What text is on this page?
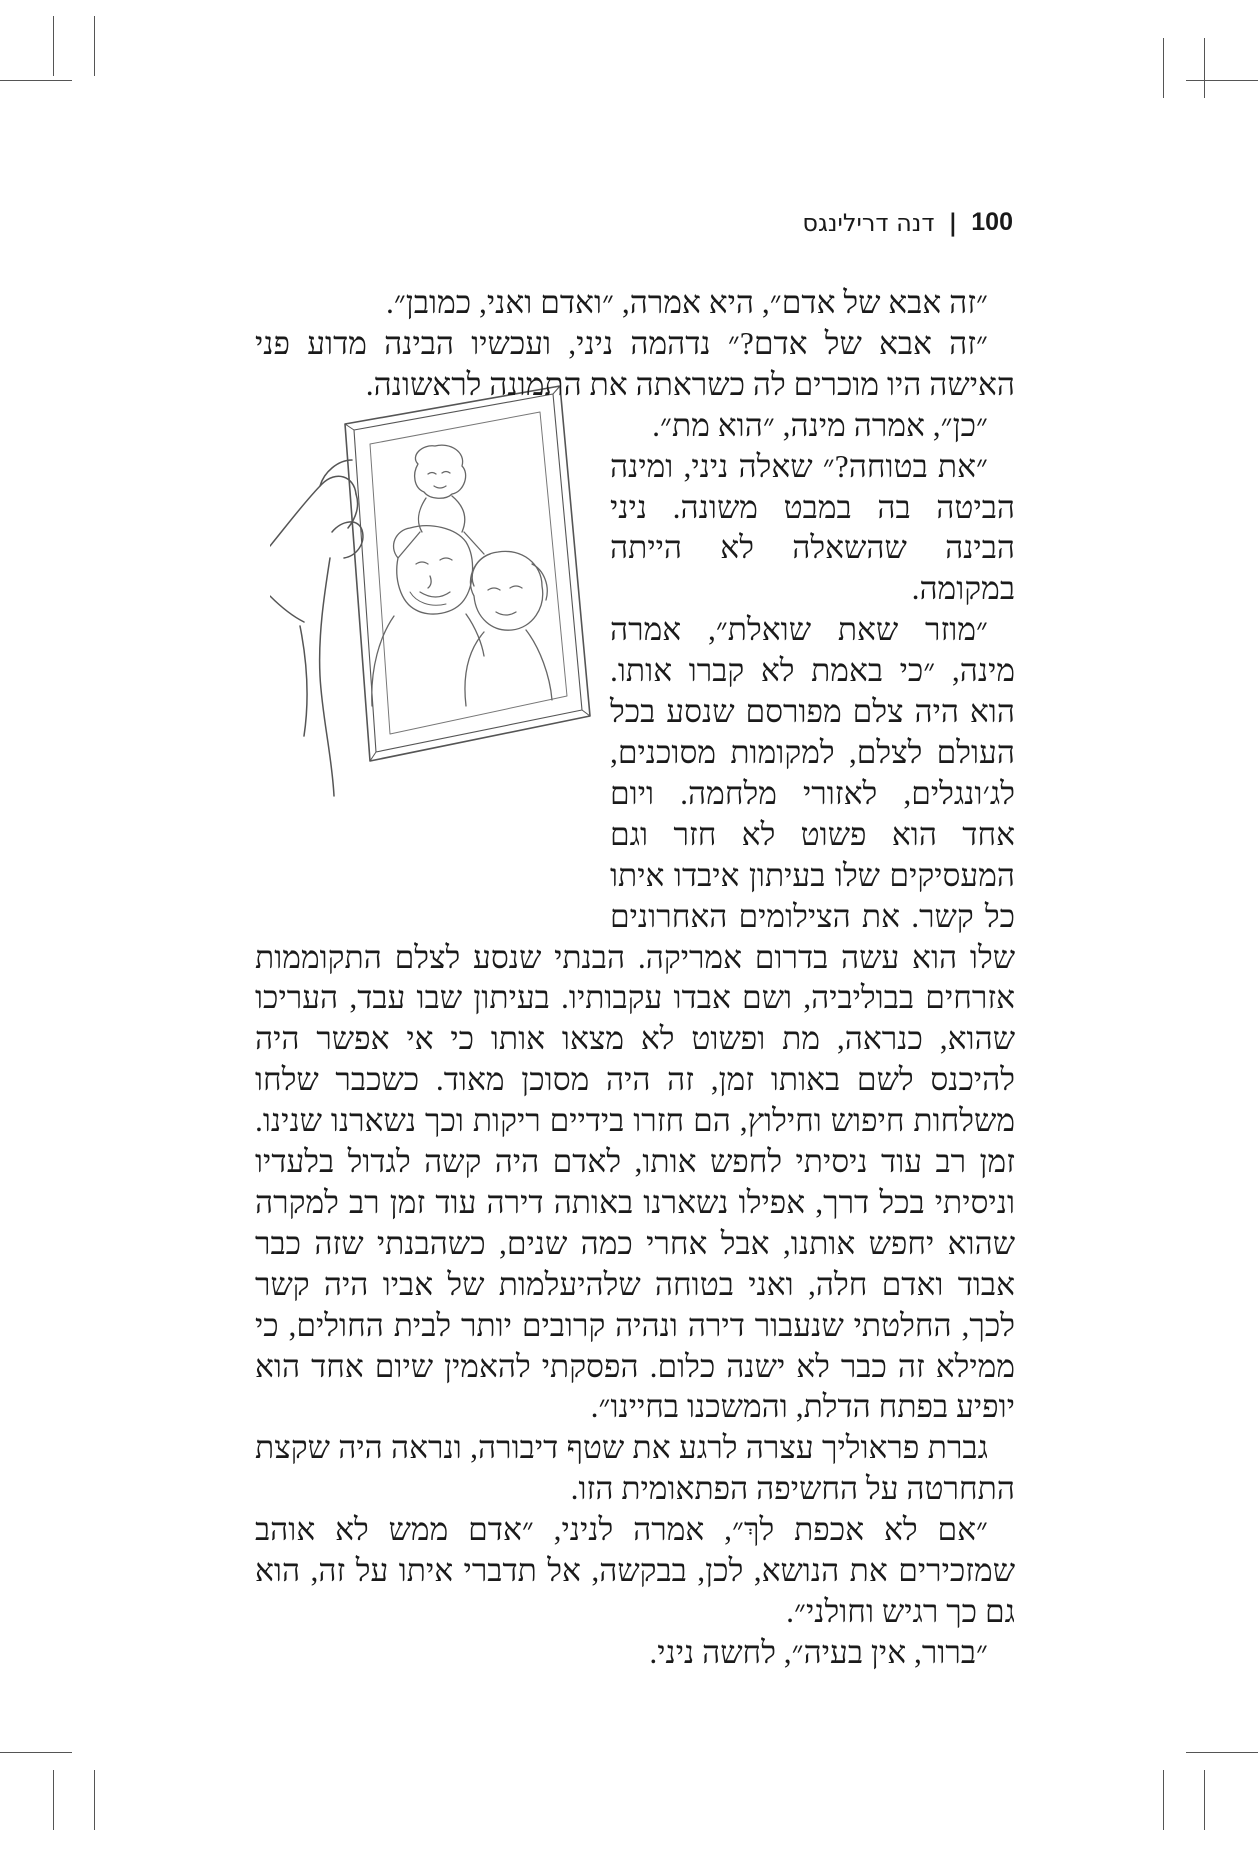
100
|
דנה דרילינגס

״זה אבא של אדם״, היא אמרה, ״ואדם ואני, כמובן״.

״זה אבא של אדם?״ נדהמה ניני, ועכשיו הבינה מדוע פני האישה היו מוכרים לה כשראתה את התמונה לראשונה.

״כן״, אמרה מינה, ״הוא מת״.

״את בטוחה?״ שאלה ניני, ומינה הביטה בה במבט משונה. ניני הבינה שהשאלה לא הייתה במקומה.

״מוזר שאת שואלת״, אמרה מינה, ״כי באמת לא קברו אותו. הוא היה צלם מפורסם שנסע בכל העולם לצלם, למקומות מסוכנים, לג׳ונגלים, לאזורי מלחמה. ויום אחד הוא פשוט לא חזר וגם המעסיקים שלו בעיתון איבדו איתו כל קשר. את הצילומים האחרונים שלו הוא עשה בדרום אמריקה. הבנתי שנסע לצלם התקוממות אזרחים בבוליביה, ושם אבדו עקבותיו. בעיתון שבו עבד, העריכו שהוא, כנראה, מת ופשוט לא מצאו אותו כי אי אפשר היה להיכנס לשם באותו זמן, זה היה מסוכן מאוד. כשכבר שלחו משלחות חיפוש וחילוץ, הם חזרו בידיים ריקות וכך נשארנו שנינו. זמן רב עוד ניסיתי לחפש אותו, לאדם היה קשה לגדול בלעדיו וניסיתי בכל דרך, אפילו נשארנו באותה דירה עוד זמן רב למקרה שהוא יחפש אותנו, אבל אחרי כמה שנים, כשהבנתי שזה כבר אבוד ואדם חלה, ואני בטוחה שלהיעלמות של אביו היה קשר לכך, החלטתי שנעבור דירה ונהיה קרובים יותר לבית החולים, כי ממילא זה כבר לא ישנה כלום. הפסקתי להאמין שיום אחד הוא יופיע בפתח הדלת, והמשכנו בחיינו״.

גברת פראוליך עצרה לרגע את שטף דיבורה, ונראה היה שקצת התחרטה על החשיפה הפתאומית הזו.

״אם לא אכפת לךְ״, אמרה לניני, ״אדם ממש לא אוהב שמזכירים את הנושא, לכן, בבקשה, אל תדברי איתו על זה, הוא גם כך רגיש וחולני״.

״ברור, אין בעיה״, לחשה ניני.
